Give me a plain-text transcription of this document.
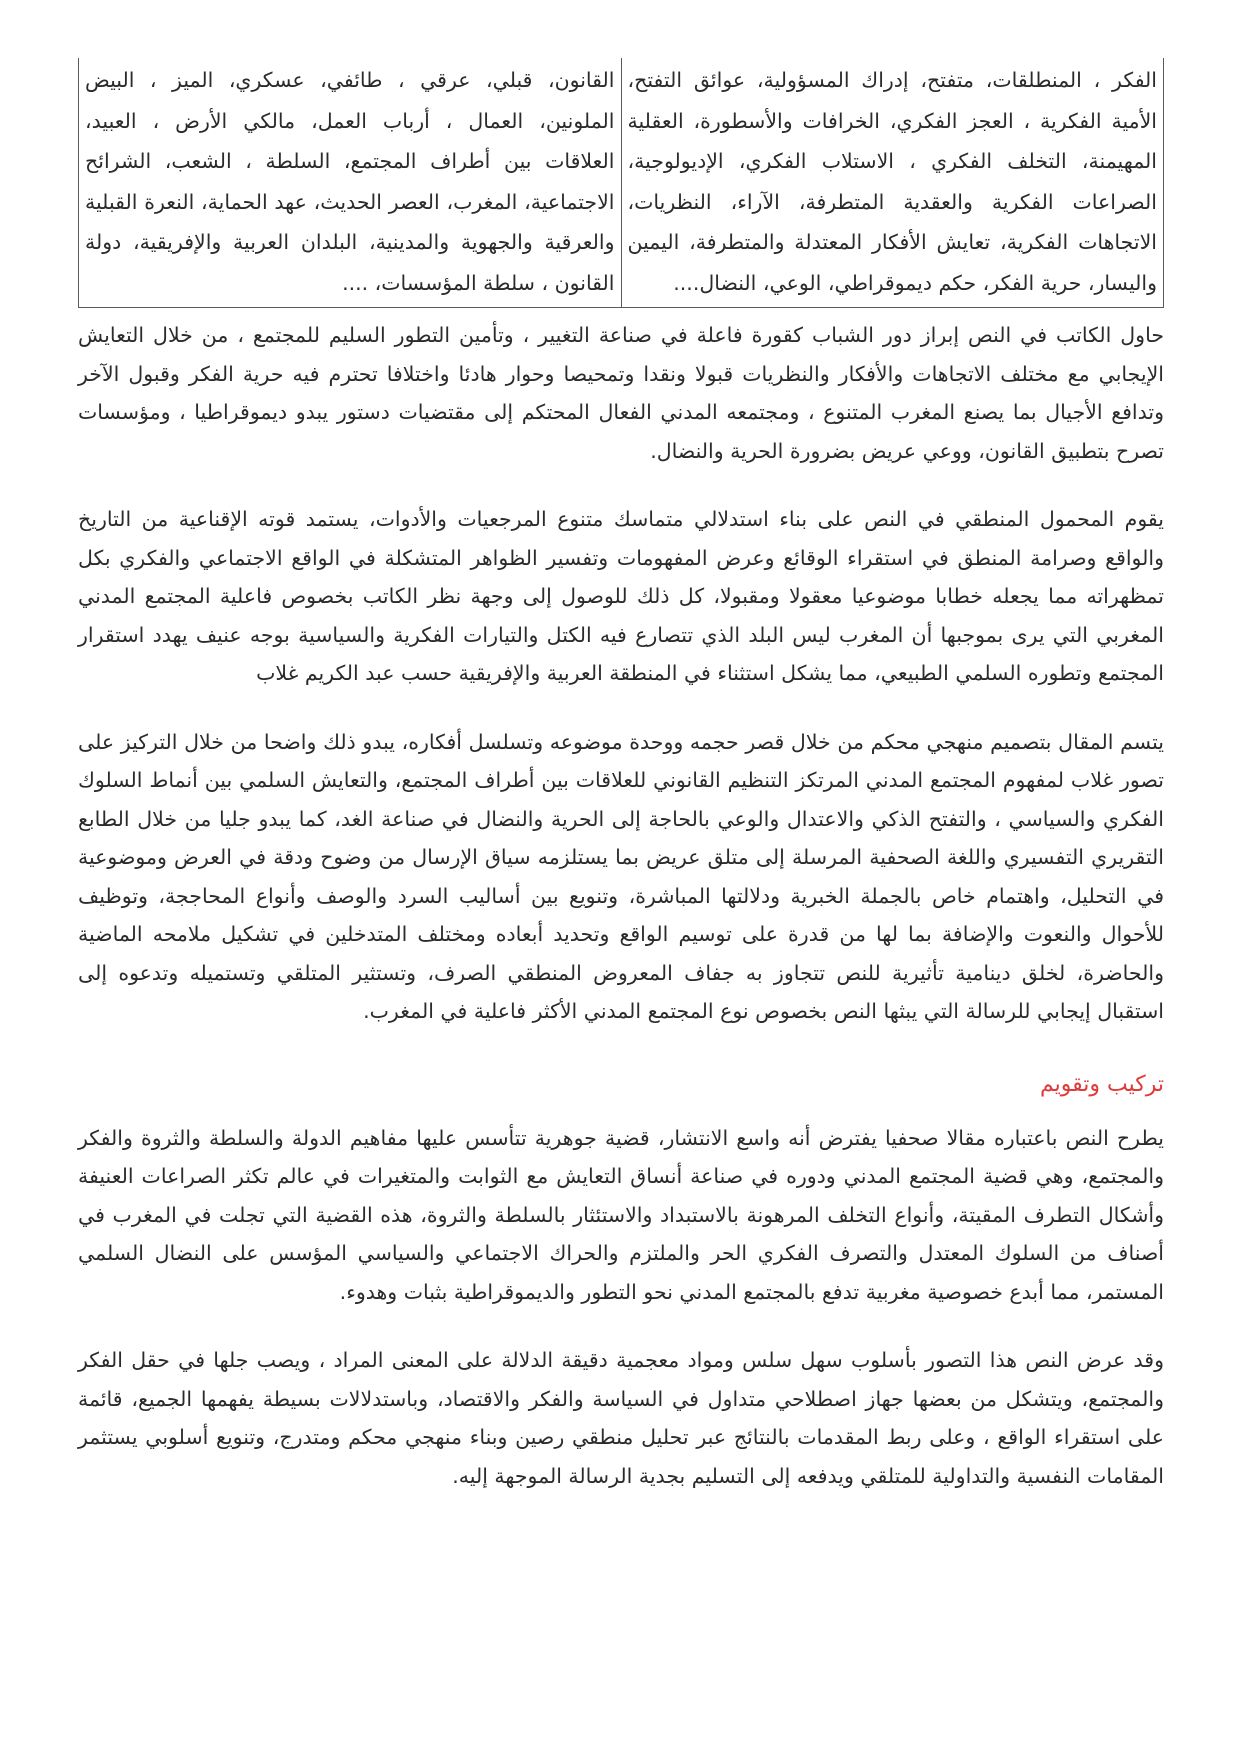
الفكر ، المنطلقات، متفتح، إدراك المسؤولية، عوائق التفتح، الأمية الفكرية ، العجز الفكري، الخرافات والأسطورة، العقلية المهيمنة، التخلف الفكري ، الاستلاب الفكري، الإديولوجية، الصراعات الفكرية والعقدية المتطرفة، الآراء، النظريات، الاتجاهات الفكرية، تعايش الأفكار المعتدلة والمتطرفة، اليمين واليسار، حرية الفكر، حكم ديموقراطي، الوعي، النضال....	القانون، قبلي، عرقي ، طائفي، عسكري، الميز ، البيض الملونين، العمال ، أرباب العمل، مالكي الأرض ، العبيد، العلاقات بين أطراف المجتمع، السلطة ، الشعب، الشرائح الاجتماعية، المغرب، العصر الحديث، عهد الحماية، النعرة القبلية والعرقية والجهوية والمدينية، البلدان العربية والإفريقية، دولة القانون ، سلطة المؤسسات، ....

حاول الكاتب في النص إبراز دور الشباب كقورة فاعلة في صناعة التغيير ، وتأمين التطور السليم للمجتمع ، من خلال التعايش الإيجابي مع مختلف الاتجاهات والأفكار والنظريات قبولا ونقدا وتمحيصا وحوار هادئا واختلافا تحترم فيه حرية الفكر وقبول الآخر وتدافع الأجيال بما يصنع المغرب المتنوع ، ومجتمعه المدني الفعال المحتكم إلى مقتضيات دستور يبدو ديموقراطيا ، ومؤسسات تصرح بتطبيق القانون، ووعي عريض بضرورة الحرية والنضال.

يقوم المحمول المنطقي في النص على بناء استدلالي متماسك متنوع المرجعيات والأدوات، يستمد قوته الإقناعية من التاريخ والواقع وصرامة المنطق في استقراء الوقائع وعرض المفهومات وتفسير الظواهر المتشكلة في الواقع الاجتماعي والفكري بكل تمظهراته مما يجعله خطابا موضوعيا معقولا ومقبولا، كل ذلك للوصول إلى وجهة نظر الكاتب بخصوص فاعلية المجتمع المدني المغربي التي يرى بموجبها أن المغرب ليس البلد الذي تتصارع فيه الكتل والتيارات الفكرية والسياسية بوجه عنيف يهدد استقرار المجتمع وتطوره السلمي الطبيعي، مما يشكل استثناء في المنطقة العربية والإفريقية حسب عبد الكريم غلاب

يتسم المقال بتصميم منهجي محكم من خلال قصر حجمه ووحدة موضوعه وتسلسل أفكاره، يبدو ذلك واضحا من خلال التركيز على تصور غلاب لمفهوم المجتمع المدني المرتكز التنظيم القانوني للعلاقات بين أطراف المجتمع، والتعايش السلمي بين أنماط السلوك الفكري والسياسي ، والتفتح الذكي والاعتدال والوعي بالحاجة إلى الحرية والنضال في صناعة الغد، كما يبدو جليا من خلال الطابع التقريري التفسيري واللغة الصحفية المرسلة إلى متلق عريض بما يستلزمه سياق الإرسال من وضوح ودقة في العرض وموضوعية في التحليل، واهتمام خاص بالجملة الخبرية ودلالتها المباشرة، وتنويع بين أساليب السرد والوصف وأنواع المحاججة، وتوظيف للأحوال والنعوت والإضافة بما لها من قدرة على توسيم الواقع وتحديد أبعاده ومختلف المتدخلين في تشكيل ملامحه الماضية والحاضرة، لخلق دينامية تأثيرية للنص تتجاوز به جفاف المعروض المنطقي الصرف، وتستثير المتلقي وتستميله وتدعوه إلى استقبال إيجابي للرسالة التي يبثها النص بخصوص نوع المجتمع المدني الأكثر فاعلية في المغرب.

تركيب وتقويم

يطرح النص باعتباره مقالا صحفيا يفترض أنه واسع الانتشار، قضية جوهرية تتأسس عليها مفاهيم الدولة والسلطة والثروة والفكر والمجتمع، وهي قضية المجتمع المدني ودوره في صناعة أنساق التعايش مع الثوابت والمتغيرات في عالم تكثر الصراعات العنيفة وأشكال التطرف المقيتة، وأنواع التخلف المرهونة بالاستبداد والاستئثار بالسلطة والثروة، هذه القضية التي تجلت في المغرب في أصناف من السلوك المعتدل والتصرف الفكري الحر والملتزم والحراك الاجتماعي والسياسي المؤسس على النضال السلمي المستمر، مما أبدع خصوصية مغربية تدفع بالمجتمع المدني نحو التطور والديموقراطية بثبات وهدوء.

وقد عرض النص هذا التصور بأسلوب سهل سلس ومواد معجمية دقيقة الدلالة على المعنى المراد ، ويصب جلها في حقل الفكر والمجتمع، ويتشكل من بعضها جهاز اصطلاحي متداول في السياسة والفكر والاقتصاد، وباستدلالات بسيطة يفهمها الجميع، قائمة على استقراء الواقع ، وعلى ربط المقدمات بالنتائج عبر تحليل منطقي رصين وبناء منهجي محكم ومتدرج، وتنويع أسلوبي يستثمر المقامات النفسية والتداولية للمتلقي ويدفعه إلى التسليم بجدية الرسالة الموجهة إليه.
